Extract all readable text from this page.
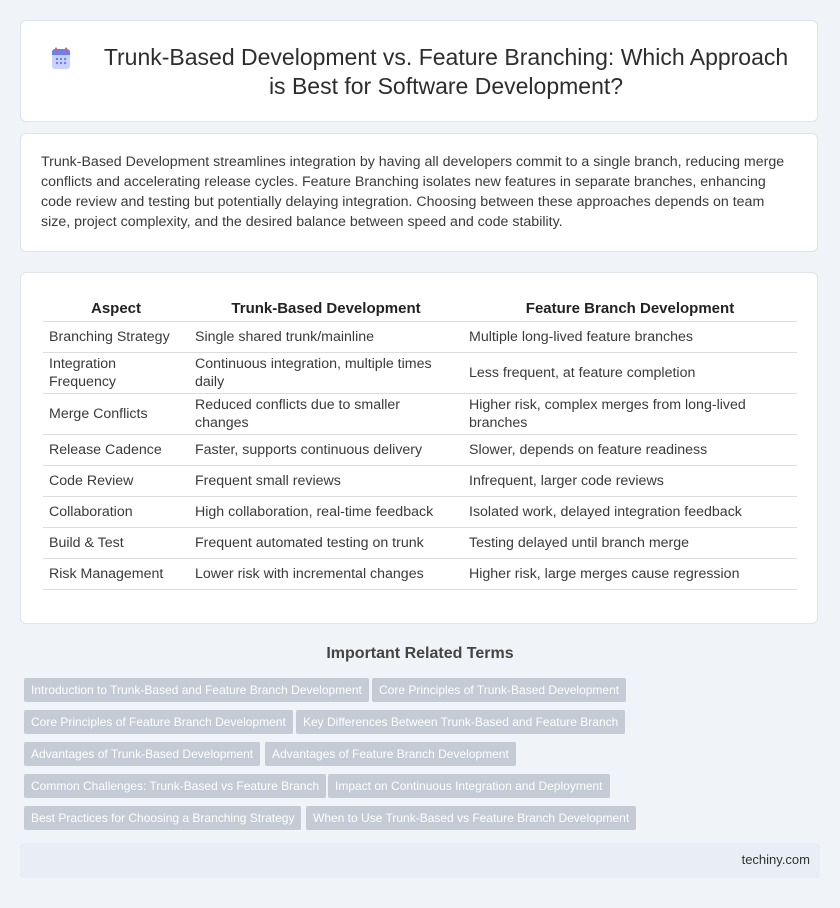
Trunk-Based Development vs. Feature Branching: Which Approach is Best for Software Development?

Trunk-Based Development streamlines integration by having all developers commit to a single branch, reducing merge conflicts and accelerating release cycles. Feature Branching isolates new features in separate branches, enhancing code review and testing but potentially delaying integration. Choosing between these approaches depends on team size, project complexity, and the desired balance between speed and code stability.

Aspect	Trunk-Based Development	Feature Branch Development
Branching Strategy	Single shared trunk/mainline	Multiple long-lived feature branches
Integration Frequency	Continuous integration, multiple times daily	Less frequent, at feature completion
Merge Conflicts	Reduced conflicts due to smaller changes	Higher risk, complex merges from long-lived branches
Release Cadence	Faster, supports continuous delivery	Slower, depends on feature readiness
Code Review	Frequent small reviews	Infrequent, larger code reviews
Collaboration	High collaboration, real-time feedback	Isolated work, delayed integration feedback
Build & Test	Frequent automated testing on trunk	Testing delayed until branch merge
Risk Management	Lower risk with incremental changes	Higher risk, large merges cause regression
Important Related Terms
Introduction to Trunk-Based and Feature Branch Development	Core Principles of Trunk-Based Development
Core Principles of Feature Branch Development	Key Differences Between Trunk-Based and Feature Branch
Advantages of Trunk-Based Development	Advantages of Feature Branch Development
Common Challenges: Trunk-Based vs Feature Branch	Impact on Continuous Integration and Deployment
Best Practices for Choosing a Branching Strategy	When to Use Trunk-Based vs Feature Branch Development
techiny.com
